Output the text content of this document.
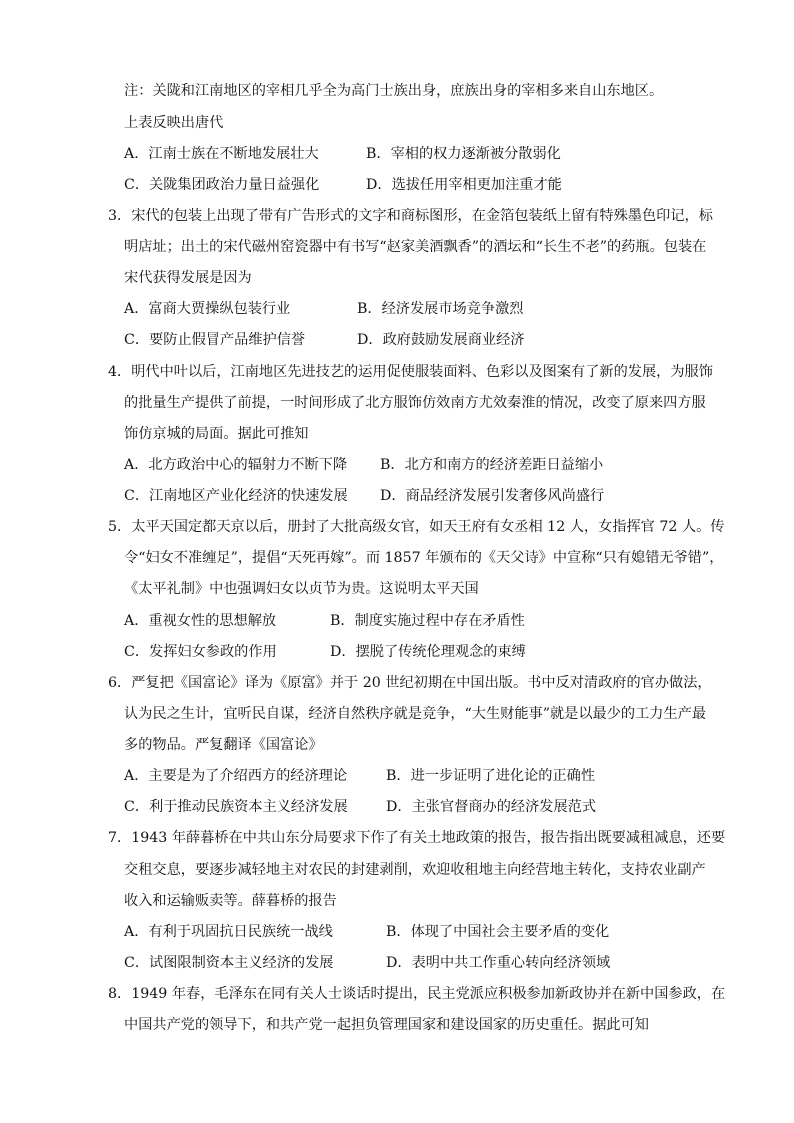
注：关陇和江南地区的宰相几乎全为高门士族出身，庶族出身的宰相多来自山东地区。
上表反映出唐代
A．江南士族在不断地发展壮大	B．宰相的权力逐渐被分散弱化
C．关陇集团政治力量日益强化	D．选拔任用宰相更加注重才能
3．宋代的包装上出现了带有广告形式的文字和商标图形，在金箔包装纸上留有特殊墨色印记，标
明店址；出土的宋代磁州窑瓷器中有书写“赵家美酒飘香”的酒坛和“长生不老”的药瓶。包装在
宋代获得发展是因为
A．富商大贾操纵包装行业	B．经济发展市场竞争激烈
C．要防止假冒产品维护信誉	D．政府鼓励发展商业经济
4．明代中叶以后，江南地区先进技艺的运用促使服装面料、色彩以及图案有了新的发展，为服饰
的批量生产提供了前提，一时间形成了北方服饰仿效南方尤效秦淮的情况，改变了原来四方服
饰仿京城的局面。据此可推知
A．北方政治中心的辐射力不断下降 B．北方和南方的经济差距日益缩小
C．江南地区产业化经济的快速发展 D．商品经济发展引发奢侈风尚盛行
5．太平天国定都天京以后，册封了大批高级女官，如天王府有女丞相 12 人，女指挥官 72 人。传
令“妇女不准缠足”，提倡“天死再嫁”。而 1857 年颁布的《天父诗》中宣称“只有媳错无爷错”，
《太平礼制》中也强调妇女以贞节为贵。这说明太平天国
A．重视女性的思想解放	B．制度实施过程中存在矛盾性
C．发挥妇女参政的作用	D．摆脱了传统伦理观念的束缚
6．严复把《国富论》译为《原富》并于 20 世纪初期在中国出版。书中反对清政府的官办做法，
认为民之生计，宜听民自谋，经济自然秩序就是竞争，“大生财能事”就是以最少的工力生产最
多的物品。严复翻译《国富论》
A．主要是为了介绍西方的经济理论	B．进一步证明了进化论的正确性
C．利于推动民族资本主义经济发展	D．主张官督商办的经济发展范式
7．1943 年薛暮桥在中共山东分局要求下作了有关土地政策的报告，报告指出既要减租减息，还要
交租交息，要逐步减轻地主对农民的封建剥削，欢迎收租地主向经营地主转化，支持农业副产
收入和运输贩卖等。薛暮桥的报告
A．有利于巩固抗日民族统一战线	B．体现了中国社会主要矛盾的变化
C．试图限制资本主义经济的发展	D．表明中共工作重心转向经济领域
8．1949 年春，毛泽东在同有关人士谈话时提出，民主党派应积极参加新政协并在新中国参政，在
中国共产党的领导下，和共产党一起担负管理国家和建设国家的历史重任。据此可知
